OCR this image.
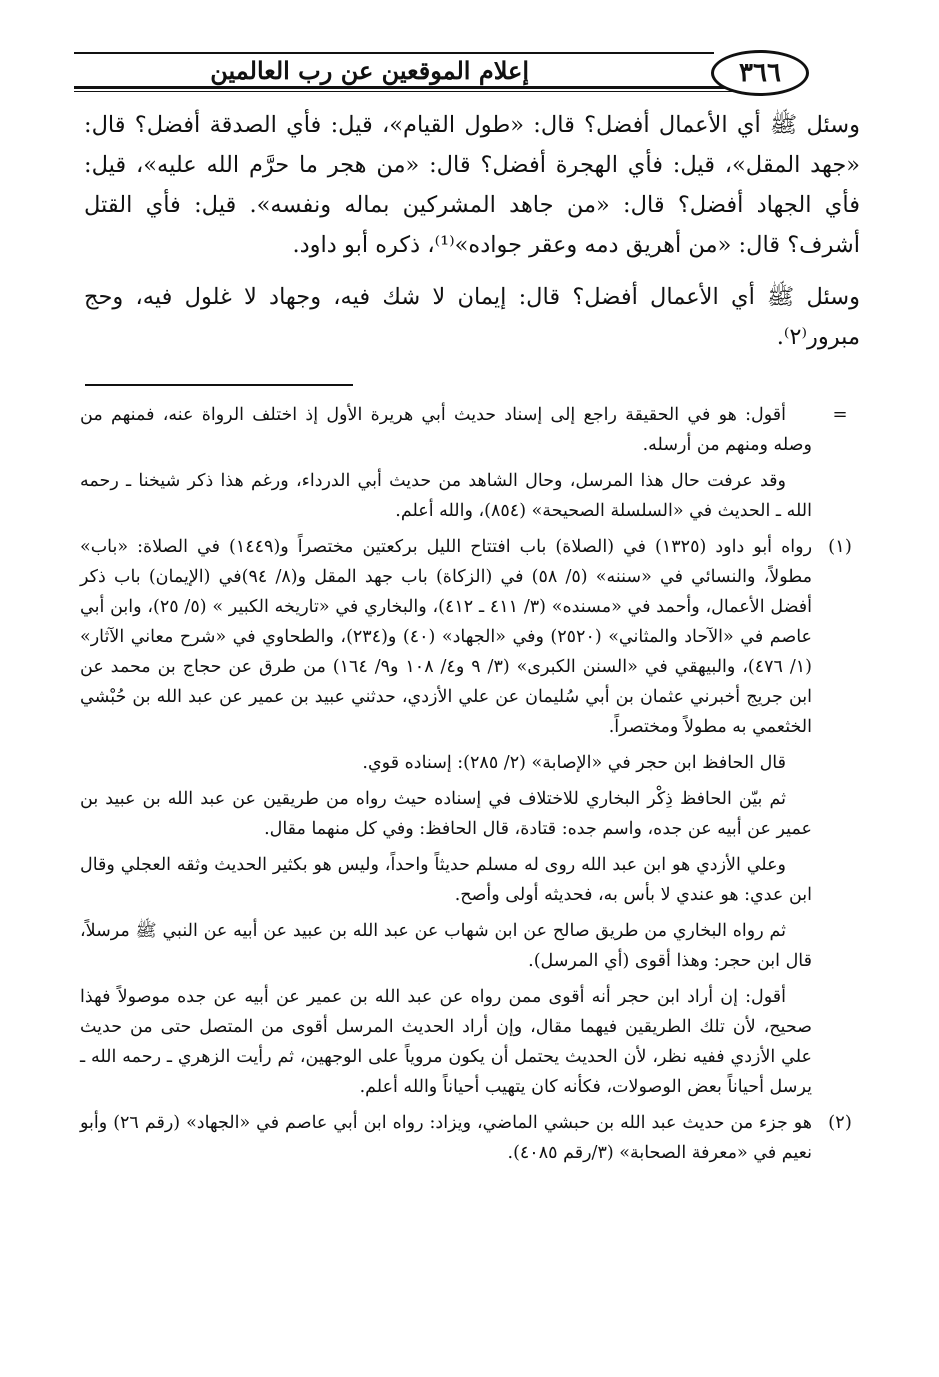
إعلام الموقعين عن رب العالمين	٣٦٦

وسئل ﷺ أي الأعمال أفضل؟ قال: «طول القيام»، قيل: فأي الصدقة أفضل؟ قال: «جهد المقل»، قيل: فأي الهجرة أفضل؟ قال: «من هجر ما حرَّم الله عليه»، قيل: فأي الجهاد أفضل؟ قال: «من جاهد المشركين بماله ونفسه». قيل: فأي القتل أشرف؟ قال: «من أهريق دمه وعقر جواده»⁽¹⁾، ذكره أبو داود.

وسئل ﷺ أي الأعمال أفضل؟ قال: إيمان لا شك فيه، وجهاد لا غلول فيه، وحج مبرور⁽٢⁾.

=

أقول: هو في الحقيقة راجع إلى إسناد حديث أبي هريرة الأول إذ اختلف الرواة عنه، فمنهم من وصله ومنهم من أرسله.

وقد عرفت حال هذا المرسل، وحال الشاهد من حديث أبي الدرداء، ورغم هذا ذكر شيخنا ـ رحمه الله ـ الحديث في «السلسلة الصحيحة» (٨٥٤)، والله أعلم.

(١)

رواه أبو داود (١٣٢٥) في (الصلاة) باب افتتاح الليل بركعتين مختصراً و(١٤٤٩) في الصلاة: «باب» مطولاً، والنسائي في «سننه» (٥/ ٥٨) في (الزكاة) باب جهد المقل و(٨/ ٩٤)في (الإيمان) باب ذكر أفضل الأعمال، وأحمد في «مسنده» (٣/ ٤١١ ـ ٤١٢)، والبخاري في «تاريخه الكبير » (٥/ ٢٥)، وابن أبي عاصم في «الآحاد والمثاني» (٢٥٢٠) وفي «الجهاد» (٤٠) و(٢٣٤)، والطحاوي في «شرح معاني الآثار» (١/ ٤٧٦)، والبيهقي في «السنن الكبرى» (٣/ ٩ و٤/ ١٠٨ و٩/ ١٦٤) من طرق عن حجاج بن محمد عن ابن جريج أخبرني عثمان بن أبي سُليمان عن علي الأزدي، حدثني عبيد بن عمير عن عبد الله بن حُبْشي الخثعمي به مطولاً ومختصراً.

قال الحافظ ابن حجر في «الإصابة» (٢/ ٢٨٥): إسناده قوي.

ثم بيّن الحافظ ذِكْر البخاري للاختلاف في إسناده حيث رواه من طريقين عن عبد الله بن عبيد بن عمير عن أبيه عن جده، واسم جده: قتادة، قال الحافظ: وفي كل منهما مقال.

وعلي الأزدي هو ابن عبد الله روى له مسلم حديثاً واحداً، وليس هو بكثير الحديث وثقه العجلي وقال ابن عدي: هو عندي لا بأس به، فحديثه أولى وأصح.

ثم رواه البخاري من طريق صالح عن ابن شهاب عن عبد الله بن عبيد عن أبيه عن النبي ﷺ مرسلاً، قال ابن حجر: وهذا أقوى (أي المرسل).

أقول: إن أراد ابن حجر أنه أقوى ممن رواه عن عبد الله بن عمير عن أبيه عن جده موصولاً فهذا صحيح، لأن تلك الطريقين فيهما مقال، وإن أراد الحديث المرسل أقوى من المتصل حتى من حديث علي الأزدي ففيه نظر، لأن الحديث يحتمل أن يكون مروياً على الوجهين، ثم رأيت الزهري ـ رحمه الله ـ يرسل أحياناً بعض الوصولات، فكأنه كان يتهيب أحياناً والله أعلم.

(٢)

هو جزء من حديث عبد الله بن حبشي الماضي، ويزاد: رواه ابن أبي عاصم في «الجهاد» (رقم ٢٦) وأبو نعيم في «معرفة الصحابة» (٣/رقم ٤٠٨٥).
